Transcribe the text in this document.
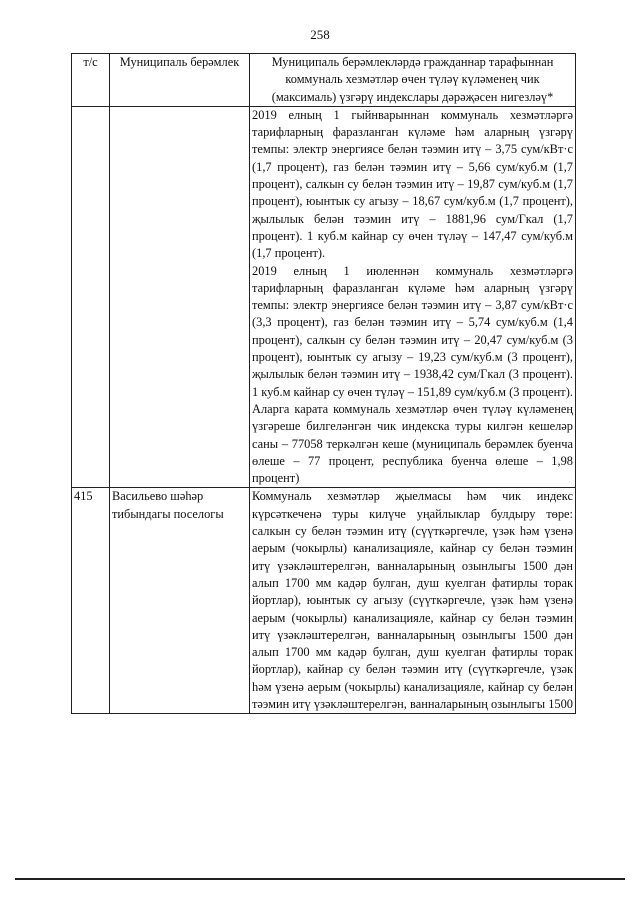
258
т/с	Муниципаль берәмлек	Муниципаль берәмлекләрдә гражданнар тарафыннан коммуналь хезмәтләр өчен түләү күләменең чик (максималь) үзгәрү индекслары дәрәҗәсен нигезләү*

		2019 елның 1 гыйнварыннан коммуналь хезмәтләргә тарифларның фаразланган күләме һәм аларның үзгәрү темпы: электр энергиясе белән тәэмин итү – 3,75 сум/кВт·с (1,7 процент), газ белән тәэмин итү – 5,66 сум/куб.м (1,7 процент), салкын су белән тәэмин итү – 19,87 сум/куб.м (1,7 процент), юынтык су агызу – 18,67 сум/куб.м (1,7 процент), җылылык белән тәэмин итү – 1881,96 сум/Гкал (1,7 процент). 1 куб.м кайнар су өчен түләү – 147,47 сум/куб.м (1,7 процент).

2019 елның 1 июленнән коммуналь хезмәтләргә тарифларның фаразланган күләме һәм аларның үзгәрү темпы: электр энергиясе белән тәэмин итү – 3,87 сум/кВт·с (3,3 процент), газ белән тәэмин итү – 5,74 сум/куб.м (1,4 процент), салкын су белән тәэмин итү – 20,47 сум/куб.м (3 процент), юынтык су агызу – 19,23 сум/куб.м (3 процент), җылылык белән тәэмин итү – 1938,42 сум/Гкал (3 процент). 1 куб.м кайнар су өчен түләү – 151,89 сум/куб.м (3 процент).

Аларга карата коммуналь хезмәтләр өчен түләү күләменең үзгәреше билгеләнгән чик индекска туры килгән кешеләр саны – 77058 теркәлгән кеше (муниципаль берәмлек буенча өлеше – 77 процент, республика буенча өлеше – 1,98 процент)

415	Васильево шәһәр тибындагы поселогы	Коммуналь хезмәтләр җыелмасы һәм чик индекс күрсәткеченә туры килүче уңайлыклар булдыру төре: салкын су белән тәэмин итү (сүүткәргечле, үзәк һәм үзенә аерым (чокырлы) канализацияле, кайнар су белән тәэмин итү үзәкләштерелгән, ванналарының озынлыгы 1500 дән алып 1700 мм кадәр булган, душ куелган фатирлы торак йортлар), юынтык су агызу (сүүткәргечле, үзәк һәм үзенә аерым (чокырлы) канализацияле, кайнар су белән тәэмин итү үзәкләштерелгән, ванналарының озынлыгы 1500 дән алып 1700 мм кадәр булган, душ куелган фатирлы торак йортлар), кайнар су белән тәэмин итү (сүүткәргечле, үзәк һәм үзенә аерым (чокырлы) канализацияле, кайнар су белән тәэмин итү үзәкләштерелгән, ванналарының озынлыгы 1500
